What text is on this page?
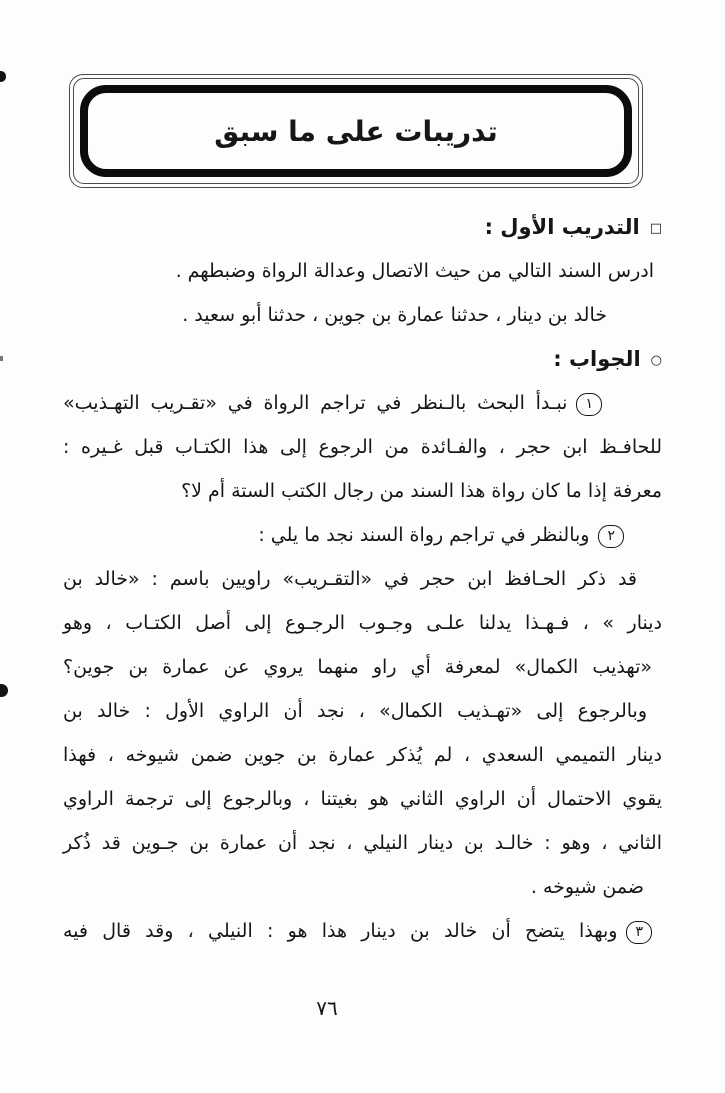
تدريبات على ما سبق
□التدريب الأول :
ادرس السند التالي من حيث الاتصال وعدالة الرواة وضبطهم .
خالد بن دينار ، حدثنا عمارة بن جوين ، حدثنا أبو سعيد .
○الجواب :
١نبـدأ البحث بالـنظر في تراجم الرواة في «تقـريب التهـذيب»
للحافـظ ابن حجر ، والفـائدة من الرجوع إلى هذا الكتـاب قبل غـيره :
معرفة إذا ما كان رواة هذا السند من رجال الكتب الستة أم لا؟
٢وبالنظر في تراجم رواة السند نجد ما يلي :
قد ذكر الحـافظ ابن حجر في «التقـريب» راويين باسم : «خالد بن
دينار » ، فـهـذا يدلنا علـى وجـوب الرجـوع إلى أصل الكتـاب ، وهو
«تهذيب الكمال» لمعرفة أي راو منهما يروي عن عمارة بن جوين؟
وبالرجوع إلى «تهـذيب الكمال» ، نجد أن الراوي الأول : خالد بن
دينار التميمي السعدي ، لم يُذكر عمارة بن جوين ضمن شيوخه ، فهذا
يقوي الاحتمال أن الراوي الثاني هو بغيتنا ، وبالرجوع إلى ترجمة الراوي
الثاني ، وهو : خالـد بن دينار النيلي ، نجد أن عمارة بن جـوين قد ذُكر
ضمن شيوخه .
٣وبهذا يتضح أن خالد بن دينار هذا هو : النيلي ، وقد قال فيه
٧٦
